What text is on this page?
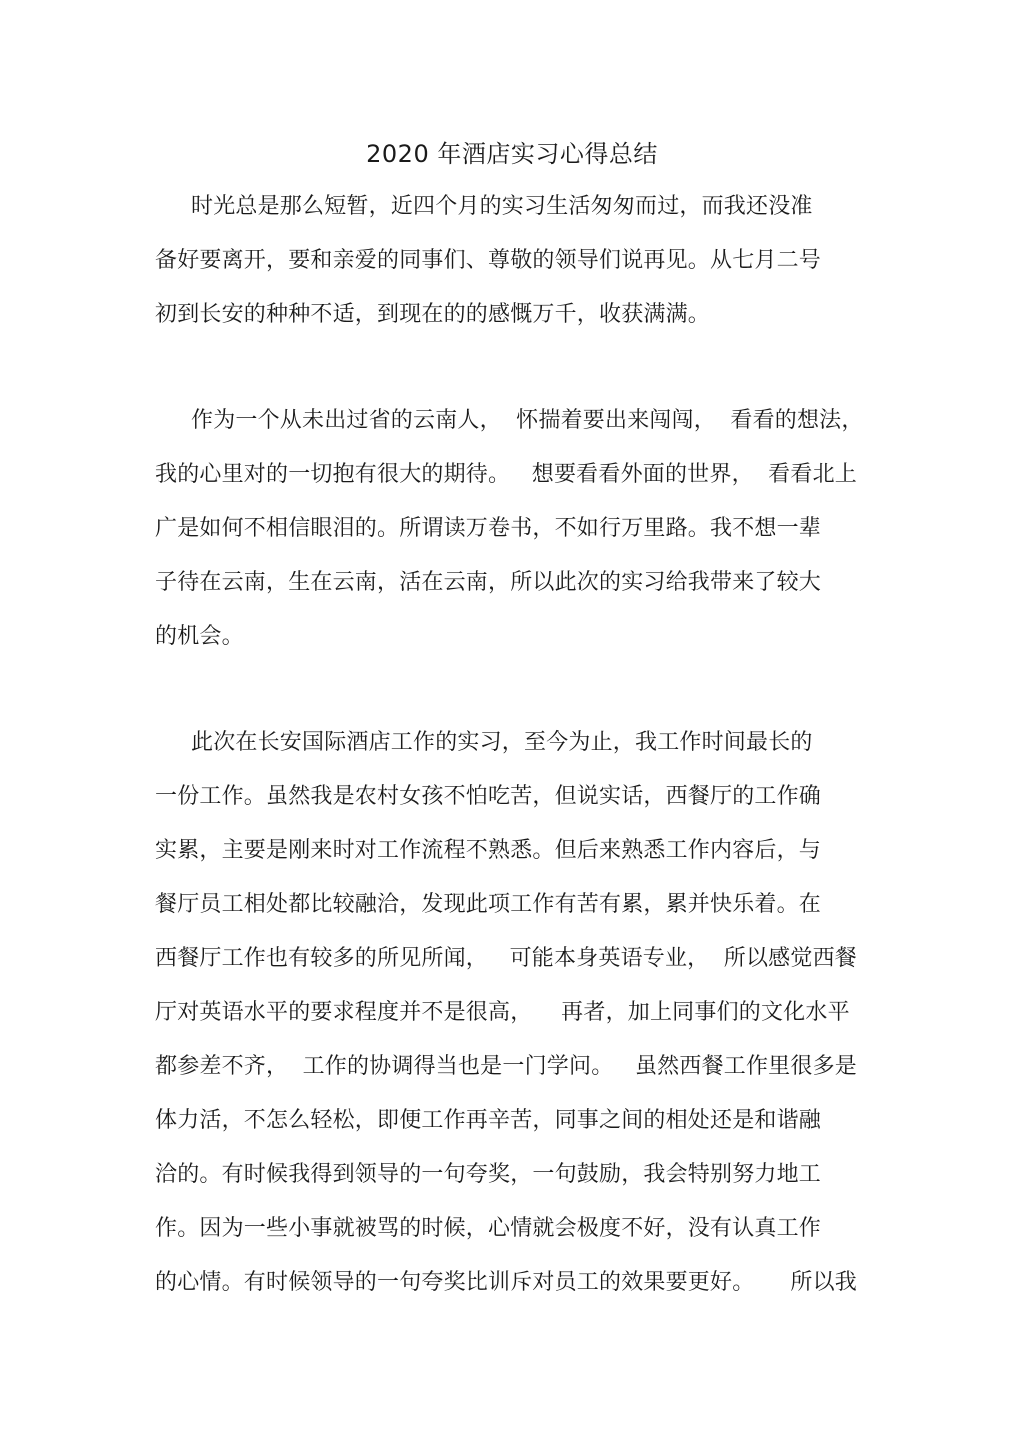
2020 年酒店实习心得总结
时光总是那么短暂，近四个月的实习生活匆匆而过，而我还没准
备好要离开，要和亲爱的同事们、尊敬的领导们说再见。从七月二号
初到长安的种种不适，到现在的的感慨万千，收获满满。
作为一个从未出过省的云南人，  怀揣着要出来闯闯，  看看的想法，
我的心里对的一切抱有很大的期待。   想要看看外面的世界，  看看北上
广是如何不相信眼泪的。所谓读万卷书，不如行万里路。我不想一辈
子待在云南，生在云南，活在云南，所以此次的实习给我带来了较大
的机会。
此次在长安国际酒店工作的实习，至今为止，我工作时间最长的
一份工作。虽然我是农村女孩不怕吃苦，但说实话，西餐厅的工作确
实累，主要是刚来时对工作流程不熟悉。但后来熟悉工作内容后，与
餐厅员工相处都比较融洽，发现此项工作有苦有累，累并快乐着。在
西餐厅工作也有较多的所见所闻，   可能本身英语专业，  所以感觉西餐
厅对英语水平的要求程度并不是很高，    再者，加上同事们的文化水平
都参差不齐，  工作的协调得当也是一门学问。   虽然西餐工作里很多是
体力活，不怎么轻松，即便工作再辛苦，同事之间的相处还是和谐融
洽的。有时候我得到领导的一句夸奖，一句鼓励，我会特别努力地工
作。因为一些小事就被骂的时候，心情就会极度不好，没有认真工作
的心情。有时候领导的一句夸奖比训斥对员工的效果要更好。     所以我
